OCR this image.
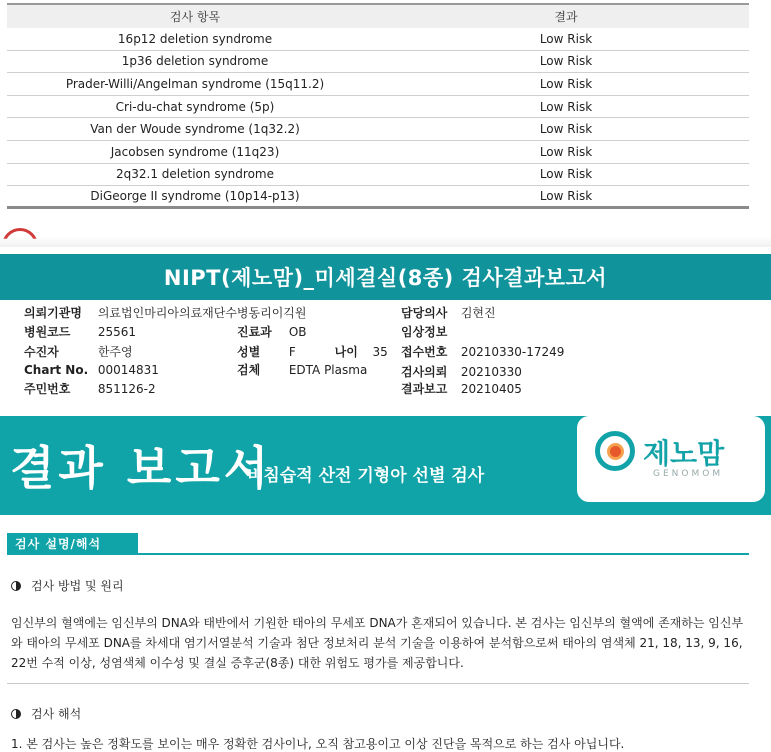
검사 항목	결과
16p12 deletion syndrome	Low Risk
1p36 deletion syndrome	Low Risk
Prader-Willi/Angelman syndrome (15q11.2)	Low Risk
Cri-du-chat syndrome (5p)	Low Risk
Van der Woude syndrome (1q32.2)	Low Risk
Jacobsen syndrome (11q23)	Low Risk
2q32.1 deletion syndrome	Low Risk
DiGeorge II syndrome (10p14-p13)	Low Risk
NIPT(제노맘)_미세결실(8종) 검사결과보고서
의뢰기관명 의료법인마리아의료재단수병동리이긱원
병원코드 25561
수진자	한주영
Chart No. 00014831
주민번호 851126-2
진료과 OB
성별 F	나이 35
검체 EDTA Plasma
담당의사 김현진
임상정보
접수번호 20210330-17249
검사의뢰 20210330
결과보고 20210405
결과 보고서
비침습적 산전 기형아 선별 검사
제노맘
GENOMOM
검사 설명/해석
검사 방법 및 원리
임신부의 혈액에는 임신부의 DNA와 태반에서 기원한 태아의 무세포 DNA가 혼재되어 있습니다. 본 검사는 임신부의 혈액에 존재하는 임신부와 태아의 무세포 DNA를 차세대 염기서열분석 기술과 첨단 정보처리 분석 기술을 이용하여 분석함으로써 태아의 염색체 21, 18, 13, 9, 16, 22번 수적 이상, 성염색체 이수성 및 결실 증후군(8종) 대한 위험도 평가를 제공합니다.
검사 해석
1. 본 검사는 높은 정확도를 보이는 매우 정확한 검사이나, 오직 참고용이고 이상 진단을 목적으로 하는 검사 아닙니다.
